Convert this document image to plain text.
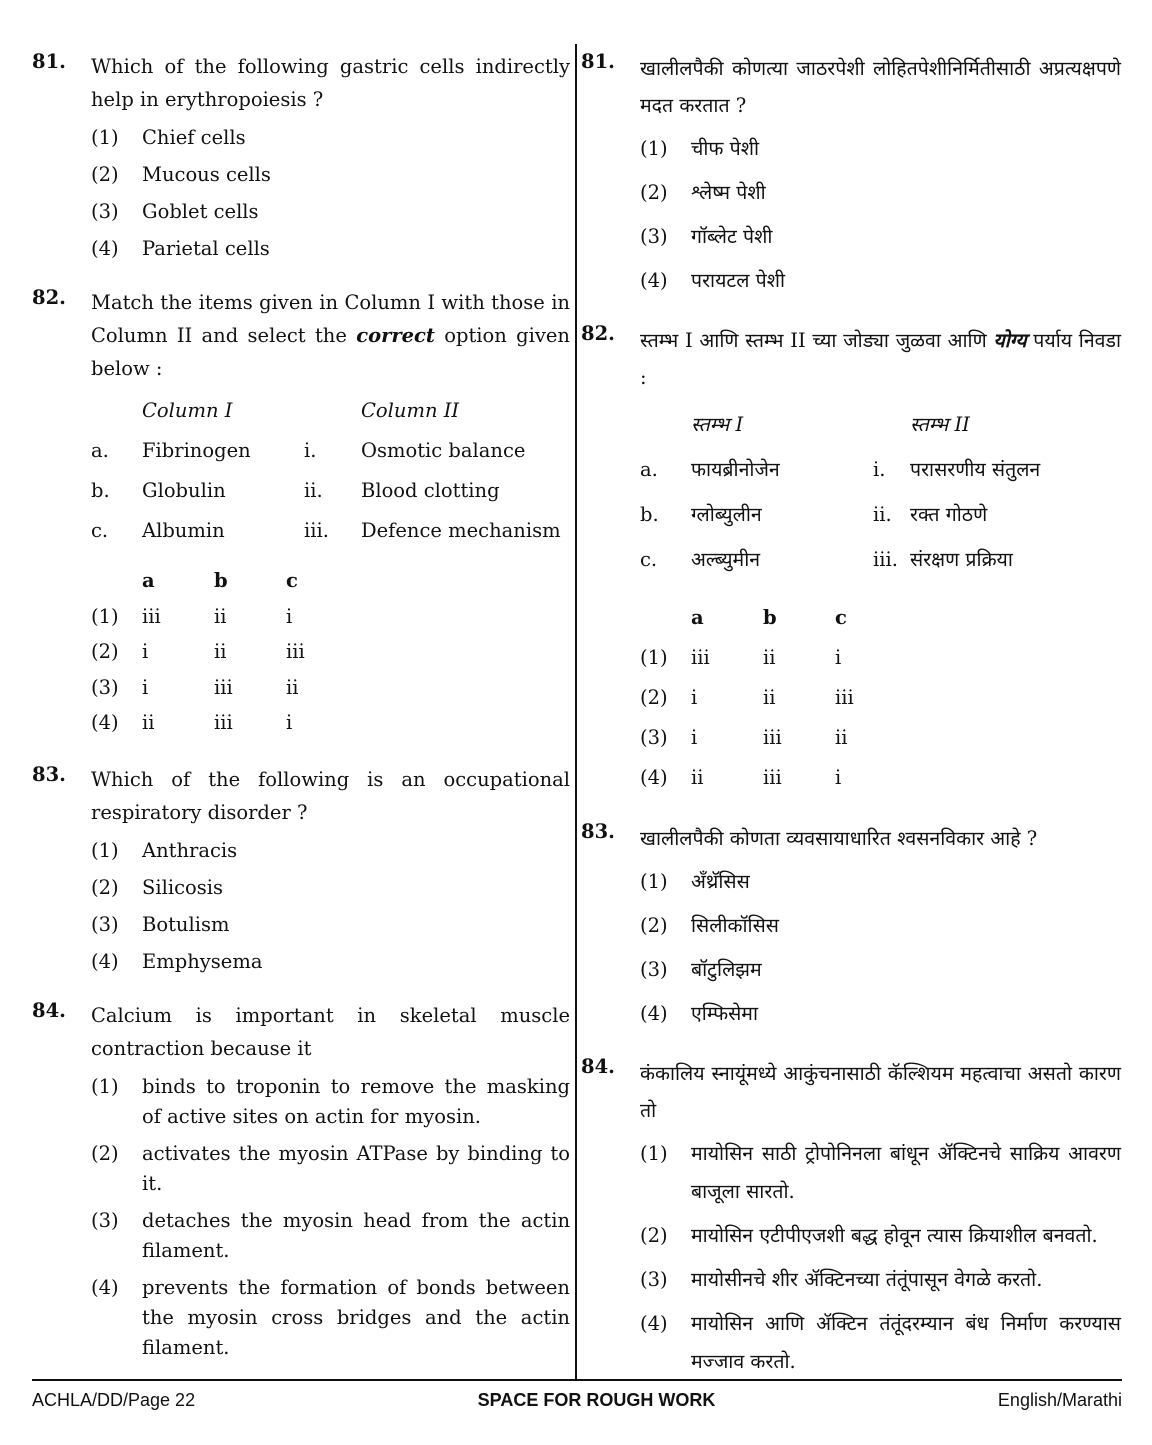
81.	Which of the following gastric cells indirectly help in erythropoiesis ?
(1)	Chief cells
(2)	Mucous cells
(3)	Goblet cells
(4)	Parietal cells
82.	Match the items given in Column I with those in Column II and select the correct option given below :
Column I	Column II
a.	Fibrinogen	i.	Osmotic balance
b.	Globulin	ii.	Blood clotting
c.	Albumin	iii.	Defence mechanism
a	b	c
(1)	iii	ii	i
(2)	i	ii	iii
(3)	i	iii	ii
(4)	ii	iii	i
83.	Which of the following is an occupational respiratory disorder ?
(1)	Anthracis
(2)	Silicosis
(3)	Botulism
(4)	Emphysema
84.	Calcium is important in skeletal muscle contraction because it
(1)	binds to troponin to remove the masking of active sites on actin for myosin.
(2)	activates the myosin ATPase by binding to it.
(3)	detaches the myosin head from the actin filament.
(4)	prevents the formation of bonds between the myosin cross bridges and the actin filament.
81.	खालीलपैकी कोणत्या जाठरपेशी लोहितपेशीनिर्मितीसाठी अप्रत्यक्षपणे मदत करतात ?
(1)	चीफ पेशी
(2)	श्लेष्म पेशी
(3)	गॉब्लेट पेशी
(4)	परायटल पेशी
82.	स्तम्भ I आणि स्तम्भ II च्या जोड्या जुळवा आणि योग्य पर्याय निवडा :
स्तम्भ I	स्तम्भ II
a.	फायब्रीनोजेन	i.	परासरणीय संतुलन
b.	ग्लोब्युलीन	ii. रक्त गोठणे
c.	अल्ब्युमीन	iii. संरक्षण प्रक्रिया
a	b	c
(1)	iii	ii	i
(2)	i	ii	iii
(3)	i	iii	ii
(4)	ii	iii	i
83.	खालीलपैकी कोणता व्यवसायाधारित श्वसनविकार आहे ?
(1)	अँथ्रॅसिस
(2)	सिलीकॉसिस
(3)	बॉटुलिझम
(4)	एम्फिसेमा
84.	कंकालिय स्नायूंमध्ये आकुंचनासाठी कॅल्शियम महत्वाचा असतो कारण तो
(1)	मायोसिन साठी ट्रोपोनिनला बांधून ॲक्टिनचे साक्रिय आवरण बाजूला सारतो.
(2)	मायोसिन एटीपीएजशी बद्ध होवून त्यास क्रियाशील बनवतो.
(3)	मायोसीनचे शीर ॲक्टिनच्या तंतूंपासून वेगळे करतो.
(4)	मायोसिन आणि ॲक्टिन तंतूंदरम्यान बंध निर्माण करण्यास मज्जाव करतो.
ACHLA/DD/Page 22	SPACE FOR ROUGH WORK	English/Marathi
